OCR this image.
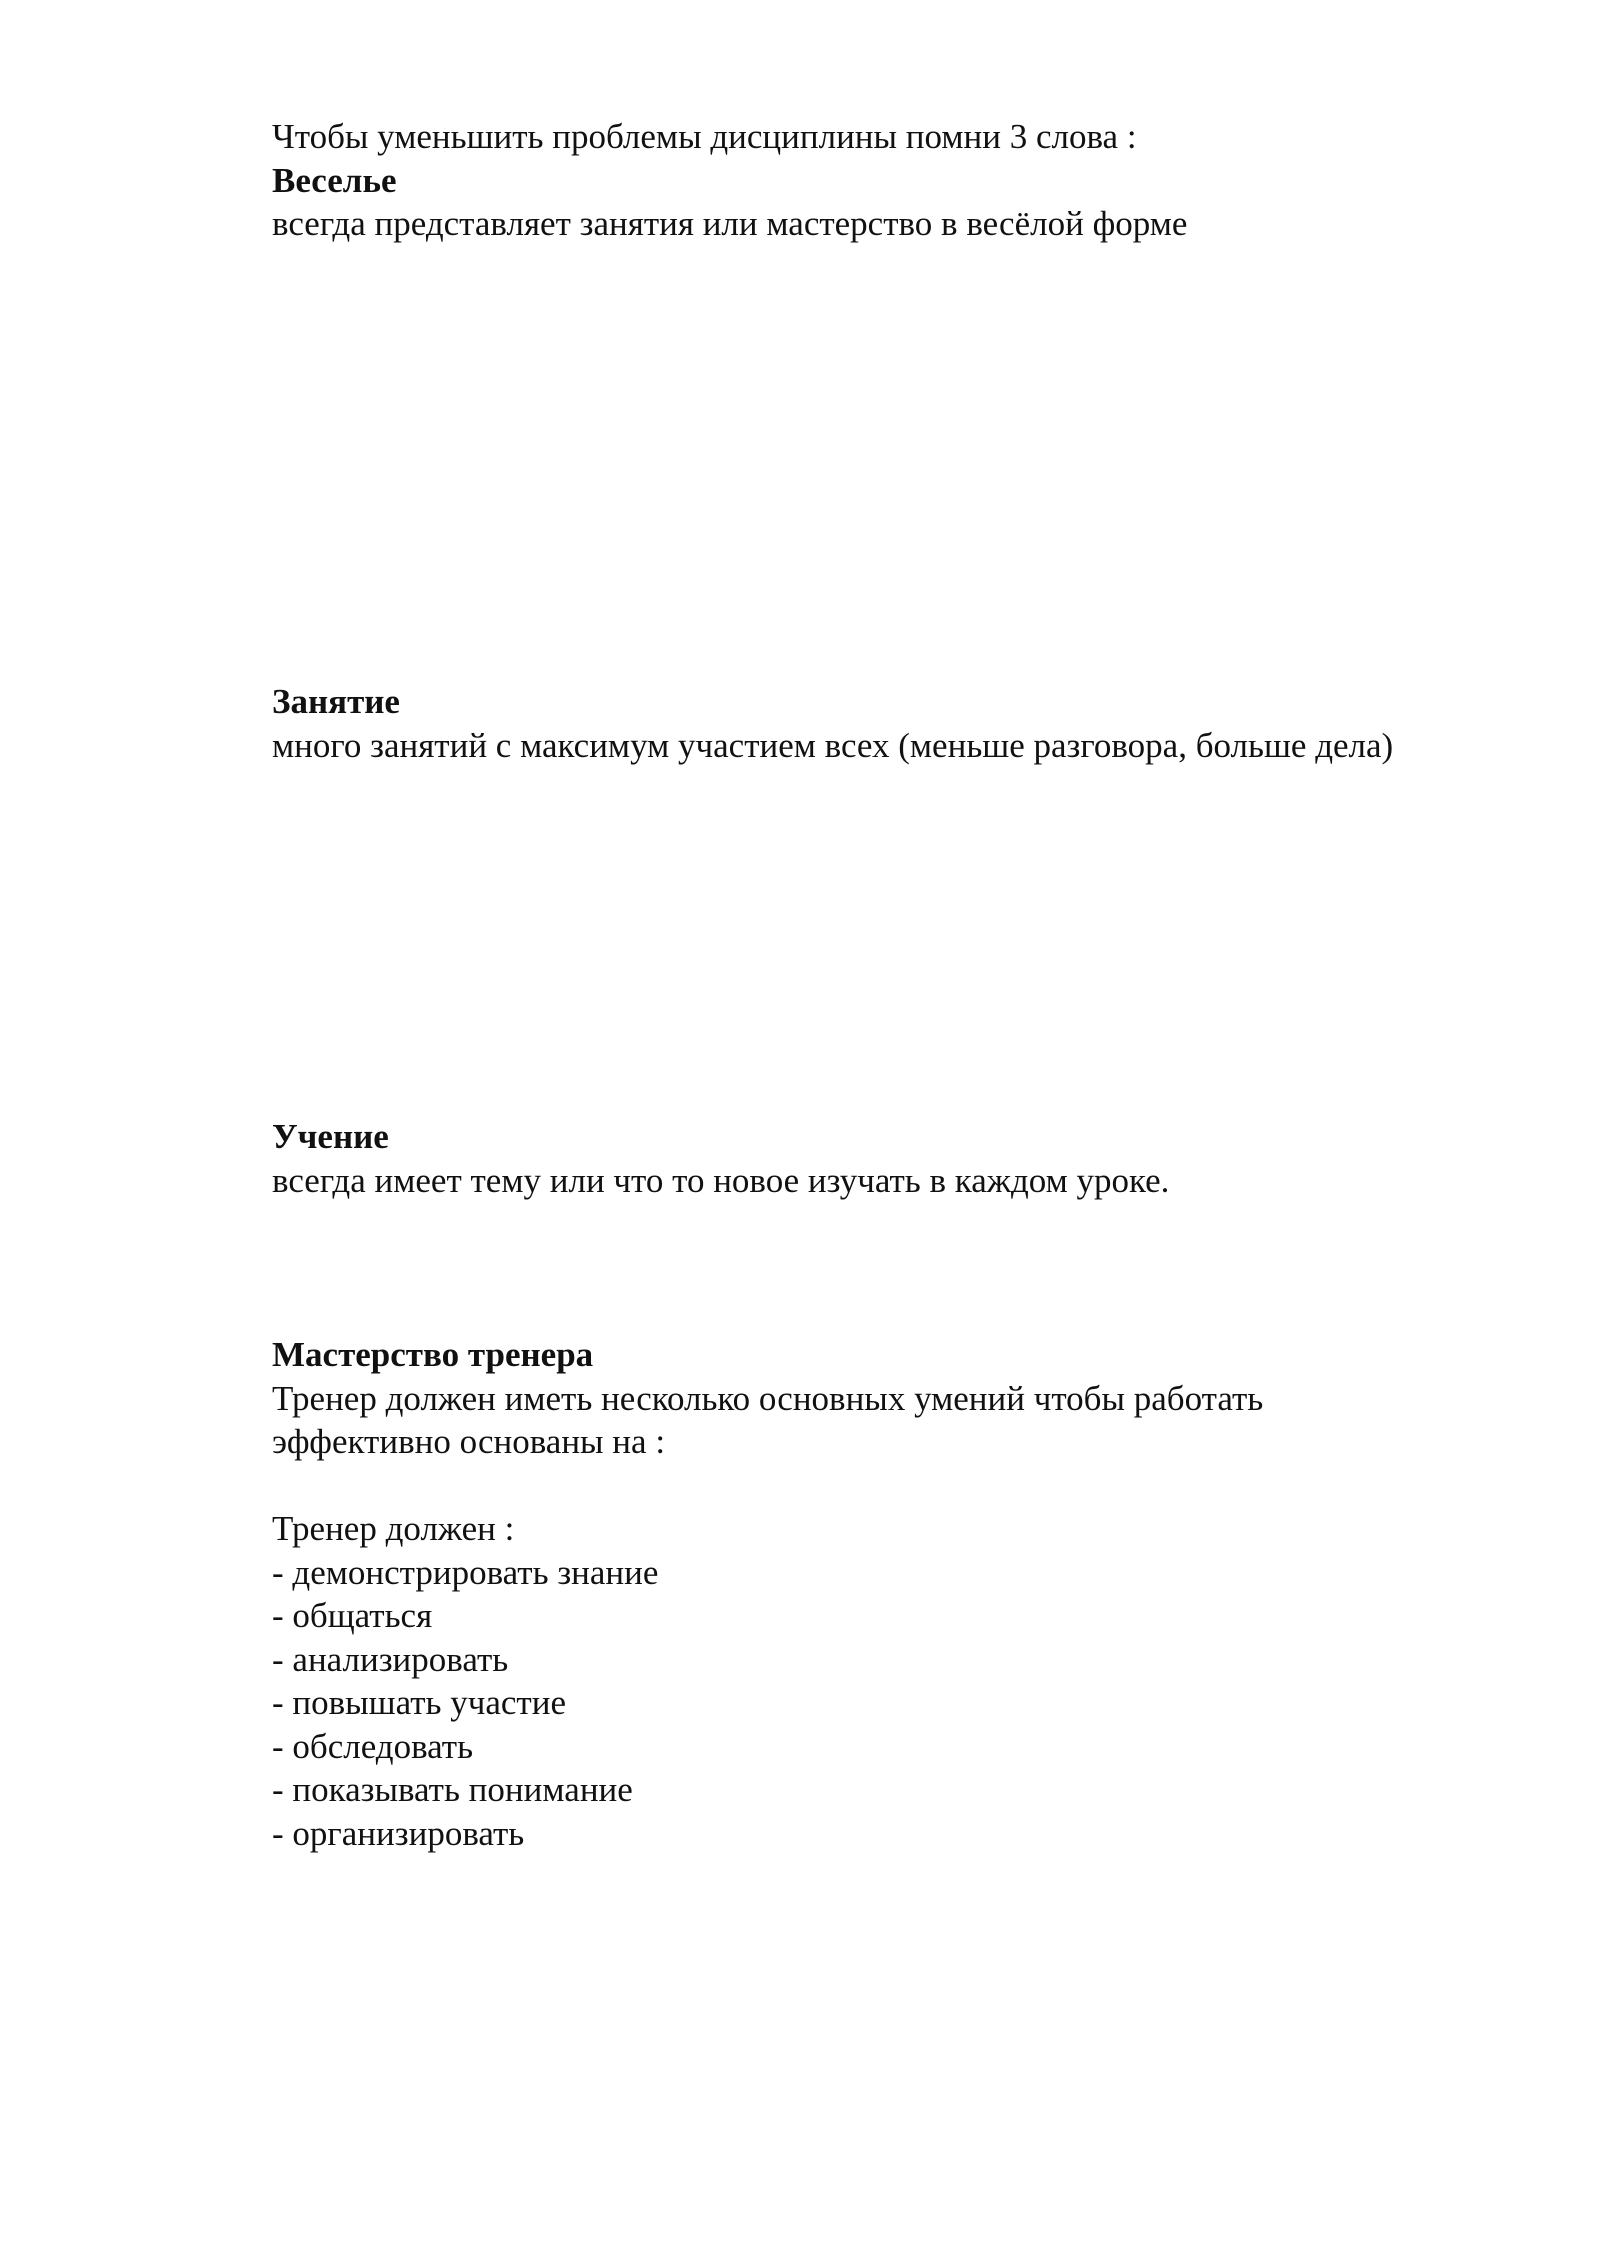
Чтобы уменьшить проблемы дисциплины помни 3 слова :

Веселье

всегда представляет занятия или мастерство в весёлой форме

Занятие

много занятий с максимум участием всех (меньше разговора, больше дела)

Учение

всегда имеет тему или что то новое изучать в каждом уроке.

Мастерство тренера

Тренер должен иметь несколько основных умений чтобы работать

эффективно основаны на :

Тренер должен :

- демонстрировать знание
- общаться
- анализировать
- повышать участие
- обследовать
- показывать понимание
- организировать
